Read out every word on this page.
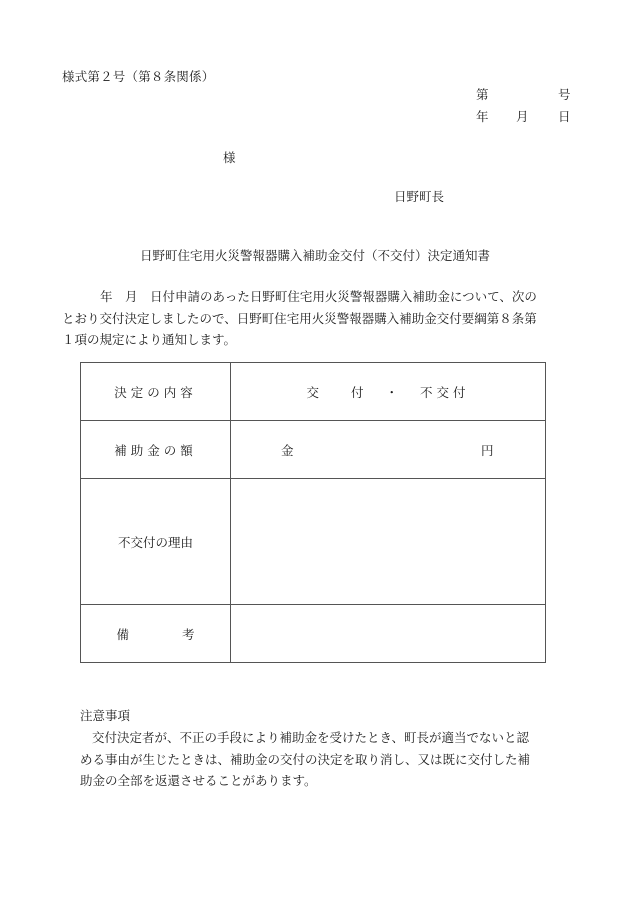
様式第２号（第８条関係）
第	号
年 月 日
様
日野町長
日野町住宅用火災警報器購入補助金交付（不交付）決定通知書
年　月　日付申請のあった日野町住宅用火災警報器購入補助金について、次の
とおり交付決定しましたので、日野町住宅用火災警報器購入補助金交付要綱第８条第
１項の規定により通知します。
決定の内容	交 付 ・ 不交付
補助金の額	金 円

不交付の理由	
備 考	

注意事項
交付決定者が、不正の手段により補助金を受けたとき、町長が適当でないと認
める事由が生じたときは、補助金の交付の決定を取り消し、又は既に交付した補
助金の全部を返還させることがあります。
